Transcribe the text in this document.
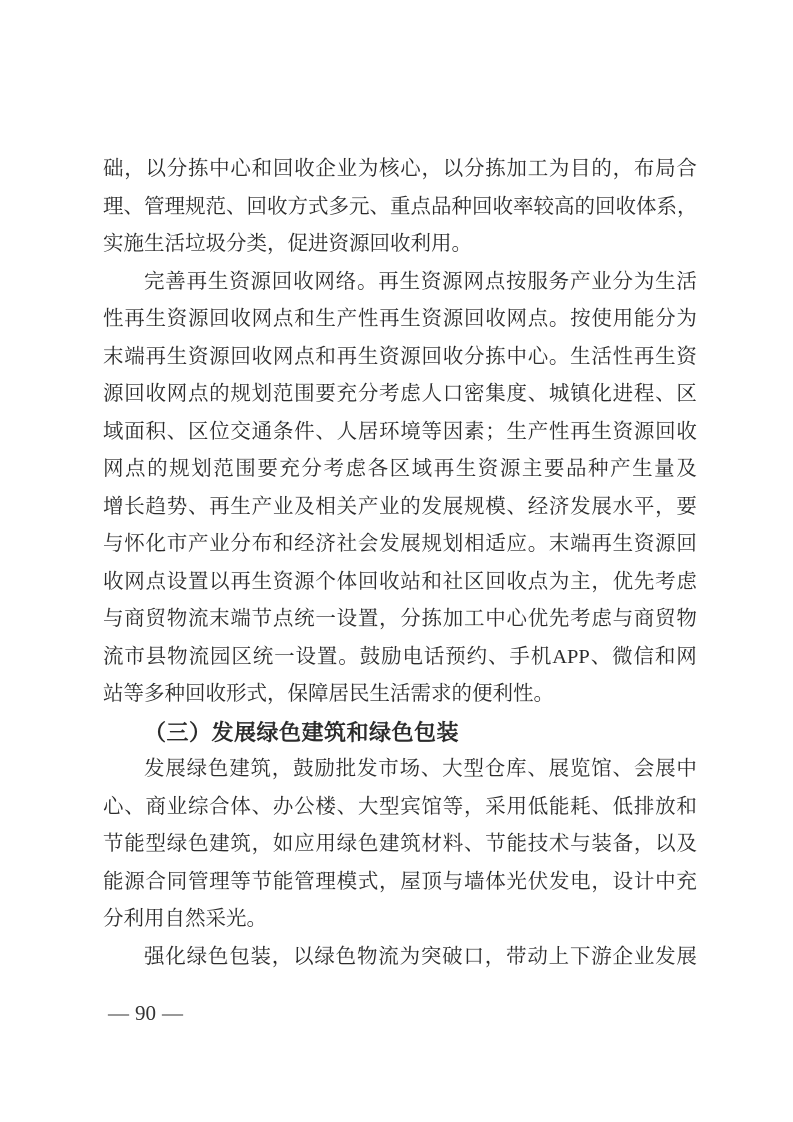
础 ， 以 分 拣 中 心 和 回 收 企 业 为 核 心 ， 以 分 拣 加 工 为 目 的 ， 布 局 合
理 、 管 理 规 范 、 回 收 方 式 多 元 、 重 点 品 种 回 收 率 较 高 的 回 收 体 系 ，
实施生活垃圾分类，促进资源回收利用。
完 善 再 生 资 源 回 收 网 络 。 再 生 资 源 网 点 按 服 务 产 业 分 为 生 活
性 再 生 资 源 回 收 网 点 和 生 产 性 再 生 资 源 回 收 网 点 。 按 使 用 能 分 为
末 端 再 生 资 源 回 收 网 点 和 再 生 资 源 回 收 分 拣 中 心 。 生 活 性 再 生 资
源 回 收 网 点 的 规 划 范 围 要 充 分 考 虑 人 口 密 集 度 、 城 镇 化 进 程 、 区
域 面 积 、 区 位 交 通 条 件 、 人 居 环 境 等 因 素 ； 生 产 性 再 生 资 源 回 收
网 点 的 规 划 范 围 要 充 分 考 虑 各 区 域 再 生 资 源 主 要 品 种 产 生 量 及
增 长 趋 势 、 再 生 产 业 及 相 关 产 业 的 发 展 规 模 、 经 济 发 展 水 平 ， 要
与 怀 化 市 产 业 分 布 和 经 济 社 会 发 展 规 划 相 适 应 。 末 端 再 生 资 源 回
收 网 点 设 置 以 再 生 资 源 个 体 回 收 站 和 社 区 回 收 点 为 主 ， 优 先 考 虑
与 商 贸 物 流 末 端 节 点 统 一 设 置 ， 分 拣 加 工 中 心 优 先 考 虑 与 商 贸 物
流 市 县 物 流 园 区 统 一 设 置 。 鼓 励 电 话 预 约 、 手 机 APP 、 微 信 和 网
站等多种回收形式，保障居民生活需求的便利性。
（三）发展绿色建筑和绿色包装
发 展 绿 色 建 筑 ， 鼓 励 批 发 市 场 、 大 型 仓 库 、 展 览 馆 、 会 展 中
心 、 商 业 综 合 体 、 办 公 楼 、 大 型 宾 馆 等 ， 采 用 低 能 耗 、 低 排 放 和
节 能 型 绿 色 建 筑 ， 如 应 用 绿 色 建 筑 材 料 、 节 能 技 术 与 装 备 ， 以 及
能 源 合 同 管 理 等 节 能 管 理 模 式 ， 屋 顶 与 墙 体 光 伏 发 电 ， 设 计 中 充
分利用自然采光。
强 化 绿 色 包 装 ， 以 绿 色 物 流 为 突 破 口 ， 带 动 上 下 游 企 业 发 展
— 90 —
